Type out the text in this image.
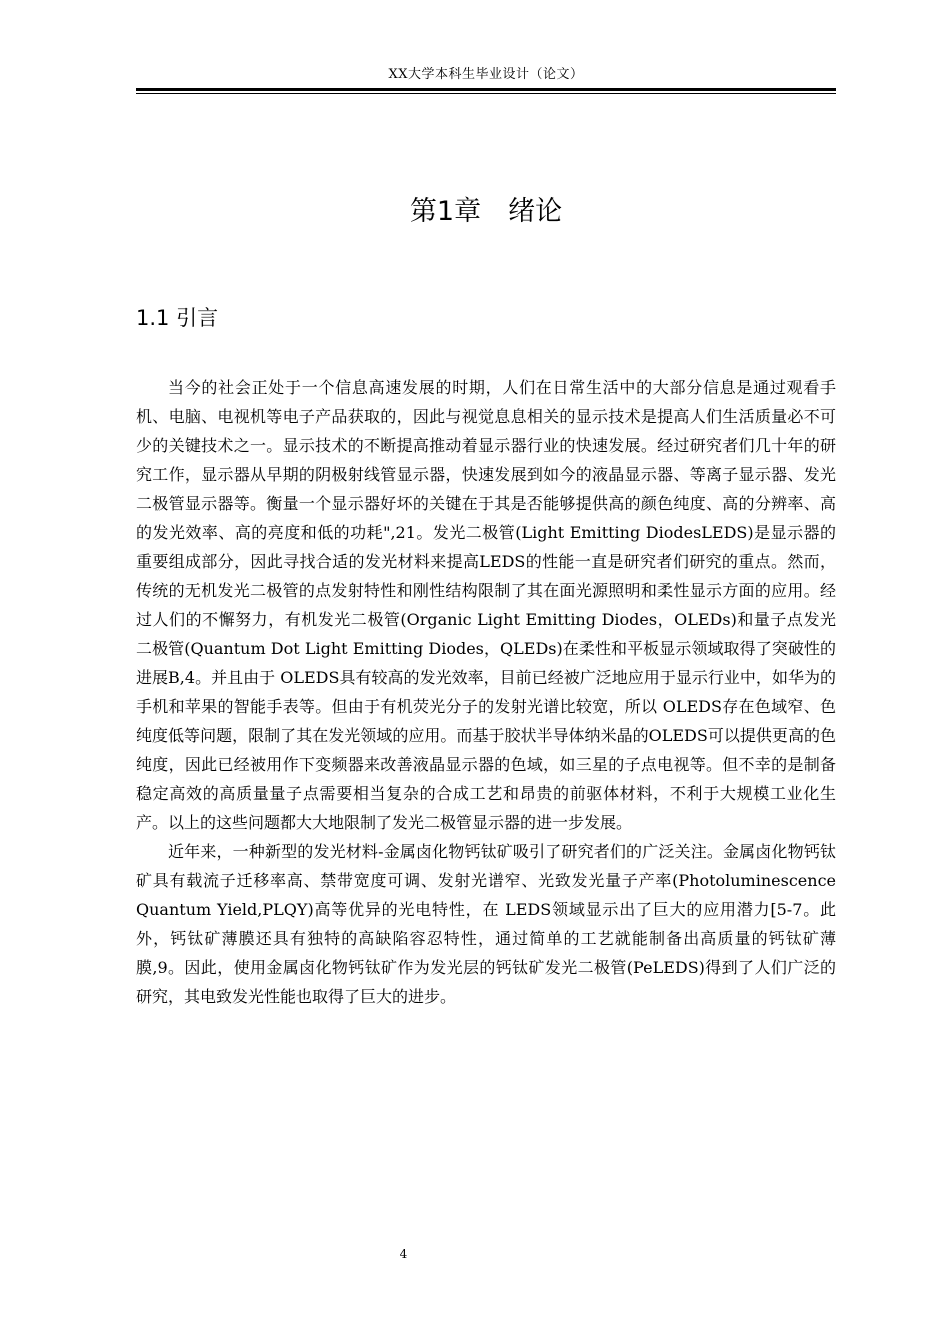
XX大学本科生毕业设计（论文）
第1章　绪论
1.1 引言

当今的社会正处于一个信息高速发展的时期，人们在日常生活中的大部分信息是通过观看手机、电脑、电视机等电子产品获取的，因此与视觉息息相关的显示技术是提高人们生活质量必不可少的关键技术之一。显示技术的不断提高推动着显示器行业的快速发展。经过研究者们几十年的研究工作，显示器从早期的阴极射线管显示器，快速发展到如今的液晶显示器、等离子显示器、发光二极管显示器等。衡量一个显示器好坏的关键在于其是否能够提供高的颜色纯度、高的分辨率、高的发光效率、高的亮度和低的功耗",21。发光二极管(Light Emitting DiodesLEDS)是显示器的重要组成部分，因此寻找合适的发光材料来提高LEDS的性能一直是研究者们研究的重点。然而，传统的无机发光二极管的点发射特性和刚性结构限制了其在面光源照明和柔性显示方面的应用。经过人们的不懈努力，有机发光二极管(Organic Light Emitting Diodes，OLEDs)和量子点发光二极管(Quantum Dot Light Emitting Diodes，QLEDs)在柔性和平板显示领域取得了突破性的进展B,4。并且由于 OLEDS具有较高的发光效率，目前已经被广泛地应用于显示行业中，如华为的手机和苹果的智能手表等。但由于有机荧光分子的发射光谱比较宽，所以 OLEDS存在色域窄、色纯度低等问题，限制了其在发光领域的应用。而基于胶状半导体纳米晶的OLEDS可以提供更高的色纯度，因此已经被用作下变频器来改善液晶显示器的色域，如三星的子点电视等。但不幸的是制备稳定高效的高质量量子点需要相当复杂的合成工艺和昂贵的前驱体材料，不利于大规模工业化生产。以上的这些问题都大大地限制了发光二极管显示器的进一步发展。

近年来，一种新型的发光材料-金属卤化物钙钛矿吸引了研究者们的广泛关注。金属卤化物钙钛矿具有载流子迁移率高、禁带宽度可调、发射光谱窄、光致发光量子产率(Photoluminescence Quantum Yield,PLQY)高等优异的光电特性，在 LEDS领域显示出了巨大的应用潜力[5-7。此外，钙钛矿薄膜还具有独特的高缺陷容忍特性，通过简单的工艺就能制备出高质量的钙钛矿薄膜,9。因此，使用金属卤化物钙钛矿作为发光层的钙钛矿发光二极管(PeLEDS)得到了人们广泛的研究，其电致发光性能也取得了巨大的进步。

4
